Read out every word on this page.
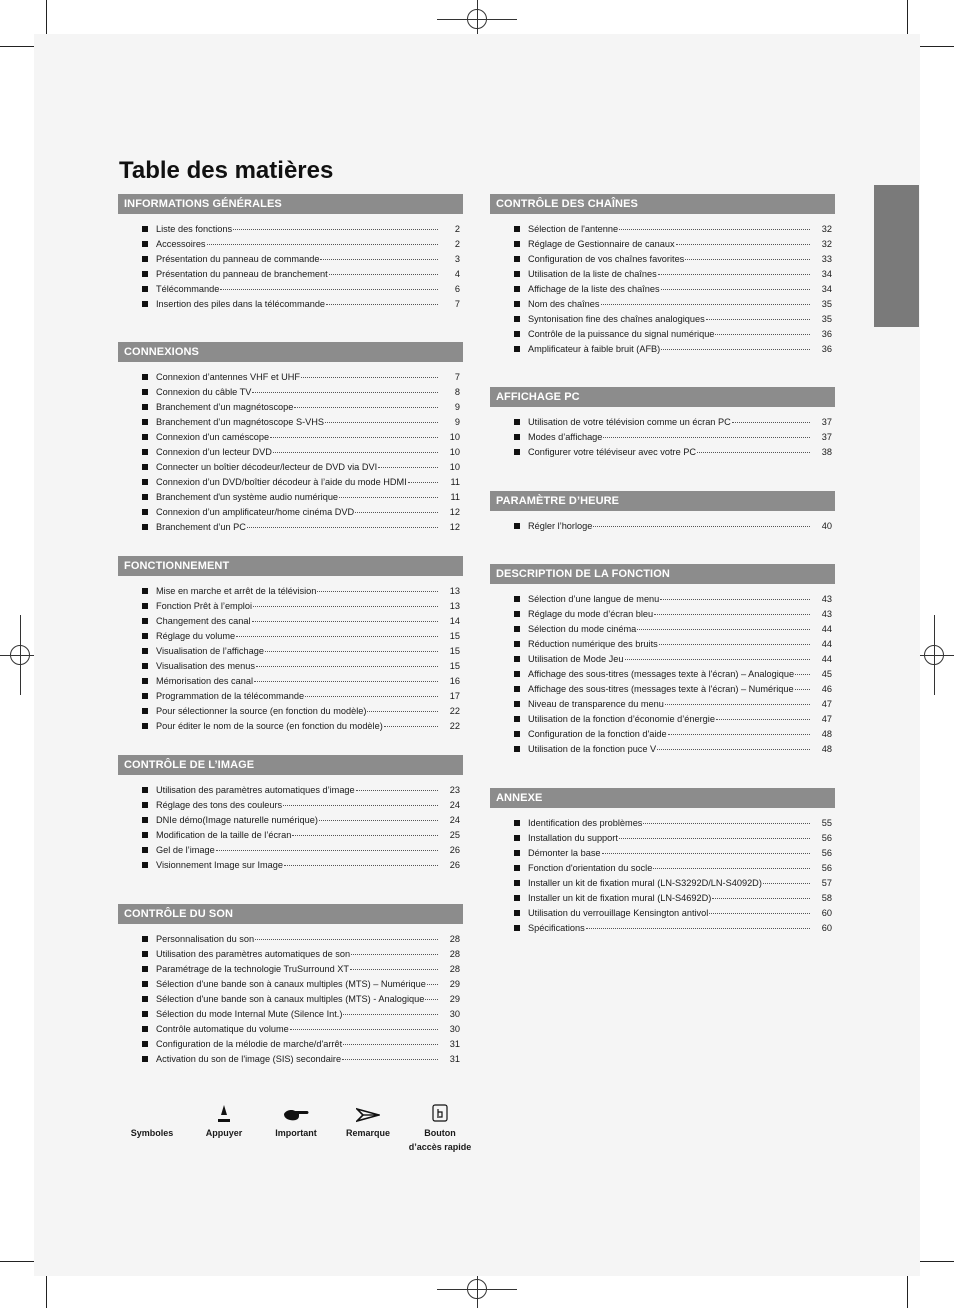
Table des matières
INFORMATIONS GÉNÉRALES
Liste des fonctions	2
Accessoires	2
Présentation du panneau de commande	3
Présentation du panneau de branchement	4
Télécommande	6
Insertion des piles dans la télécommande	7
CONNEXIONS
Connexion d’antennes VHF et UHF	7
Connexion du câble TV	8
Branchement d’un magnétoscope	9
Branchement d’un magnétoscope S-VHS	9
Connexion d'un caméscope	10
Connexion d’un lecteur DVD	10
Connecter un boîtier décodeur/lecteur de DVD via DVI	10
Connexion d’un DVD/boîtier décodeur à l’aide du mode HDMI	11
Branchement d'un système audio numérique	11
Connexion d’un amplificateur/home cinéma DVD	12
Branchement d’un PC	12
FONCTIONNEMENT
Mise en marche et arrêt de la télévision	13
Fonction Prêt à l’emploi	13
Changement des canal	14
Réglage du volume	15
Visualisation de l’affichage	15
Visualisation des menus	15
Mémorisation des canal	16
Programmation de la télécommande	17
Pour sélectionner la source (en fonction du modèle)	22
Pour éditer le nom de la source (en fonction du modèle)	22
CONTRÔLE DE L’IMAGE
Utilisation des paramètres automatiques d’image	23
Réglage des tons des couleurs	24
DNIe démo(Image naturelle numérique)	24
Modification de la taille de l’écran	25
Gel de l’image	26
Visionnement Image sur Image	26
CONTRÔLE DU SON
Personnalisation du son	28
Utilisation des paramètres automatiques de son	28
Paramétrage de la technologie TruSurround XT	28
Sélection d'une bande son à canaux multiples (MTS) – Numérique	29
Sélection d'une bande son à canaux multiples (MTS) - Analogique	29
Sélection du mode Internal Mute (Silence Int.)	30
Contrôle automatique du volume	30
Configuration de la mélodie de marche/d'arrêt	31
Activation du son de l'image (SIS) secondaire	31
CONTRÔLE DES CHAÎNES
Sélection de l'antenne	32
Réglage de Gestionnaire de canaux	32
Configuration de vos chaînes favorites	33
Utilisation de la liste de chaînes	34
Affichage de la liste des chaînes	34
Nom des chaînes	35
Syntonisation fine des chaînes analogiques	35
Contrôle de la puissance du signal numérique	36
Amplificateur à faible bruit (AFB)	36
AFFICHAGE PC
Utilisation de votre télévision comme un écran PC	37
Modes d’affichage	37
Configurer votre téléviseur avec votre PC	38
PARAMÈTRE D’HEURE
Régler l’horloge	40
DESCRIPTION DE LA FONCTION
Sélection d’une langue de menu	43
Réglage du mode d’écran bleu	43
Sélection du mode cinéma	44
Réduction numérique des bruits	44
Utilisation de Mode Jeu	44
Affichage des sous-titres (messages texte à l'écran) – Analogique	45
Affichage des sous-titres (messages texte à l'écran) – Numérique	46
Niveau de transparence du menu	47
Utilisation de la fonction d’économie d’énergie	47
Configuration de la fonction d'aide	48
Utilisation de la fonction puce V	48
ANNEXE
Identification des problèmes	55
Installation du support	56
Démonter la base	56
Fonction d'orientation du socle	56
Installer un kit de fixation mural (LN-S3292D/LN-S4092D)	57
Installer un kit de fixation mural (LN-S4692D)	58
Utilisation du verrouillage Kensington antivol	60
Spécifications	60
Symboles	Appuyer	Important	Remarque	Bouton
d’accès rapide
